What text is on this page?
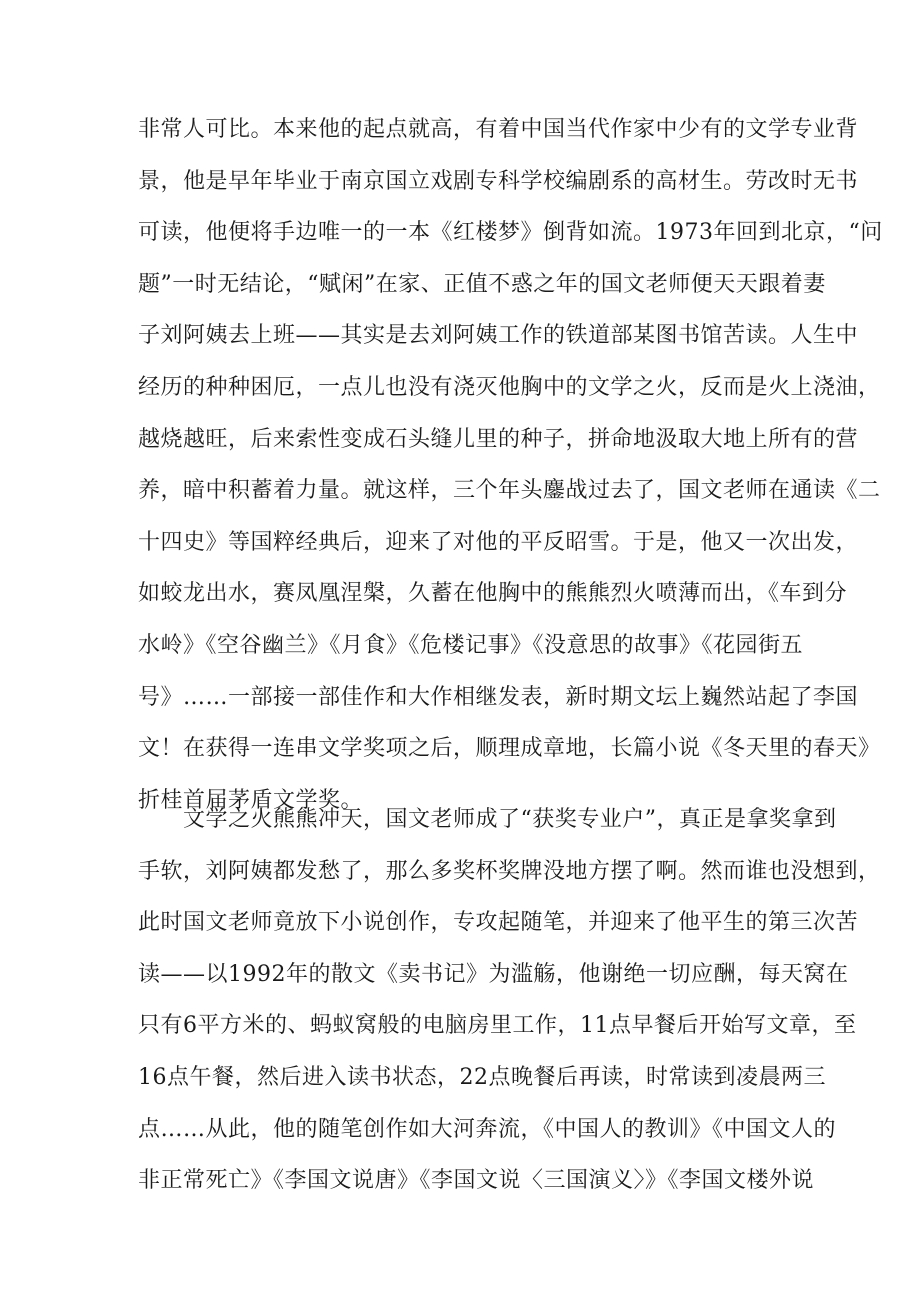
非常人可比。本来他的起点就高，有着中国当代作家中少有的文学专业背
景，他是早年毕业于南京国立戏剧专科学校编剧系的高材生。劳改时无书
可读，他便将手边唯一的一本《红楼梦》倒背如流。1973年回到北京，“问
题”一时无结论，“赋闲”在家、正值不惑之年的国文老师便天天跟着妻
子刘阿姨去上班——其实是去刘阿姨工作的铁道部某图书馆苦读。人生中
经历的种种困厄，一点儿也没有浇灭他胸中的文学之火，反而是火上浇油，
越烧越旺，后来索性变成石头缝儿里的种子，拼命地汲取大地上所有的营
养，暗中积蓄着力量。就这样，三个年头鏖战过去了，国文老师在通读《二
十四史》等国粹经典后，迎来了对他的平反昭雪。于是，他又一次出发，
如蛟龙出水，赛凤凰涅槃，久蓄在他胸中的熊熊烈火喷薄而出，《车到分
水岭》《空谷幽兰》《月食》《危楼记事》《没意思的故事》《花园街五
号》……一部接一部佳作和大作相继发表，新时期文坛上巍然站起了李国
文！在获得一连串文学奖项之后，顺理成章地，长篇小说《冬天里的春天》
折桂首届茅盾文学奖。

　　文学之火熊熊冲天，国文老师成了“获奖专业户”，真正是拿奖拿到
手软，刘阿姨都发愁了，那么多奖杯奖牌没地方摆了啊。然而谁也没想到，
此时国文老师竟放下小说创作，专攻起随笔，并迎来了他平生的第三次苦
读——以1992年的散文《卖书记》为滥觞，他谢绝一切应酬，每天窝在
只有6平方米的、蚂蚁窝般的电脑房里工作，11点早餐后开始写文章，至
16点午餐，然后进入读书状态，22点晚餐后再读，时常读到凌晨两三
点……从此，他的随笔创作如大河奔流，《中国人的教训》《中国文人的
非正常死亡》《李国文说唐》《李国文说〈三国演义〉》《李国文楼外说
